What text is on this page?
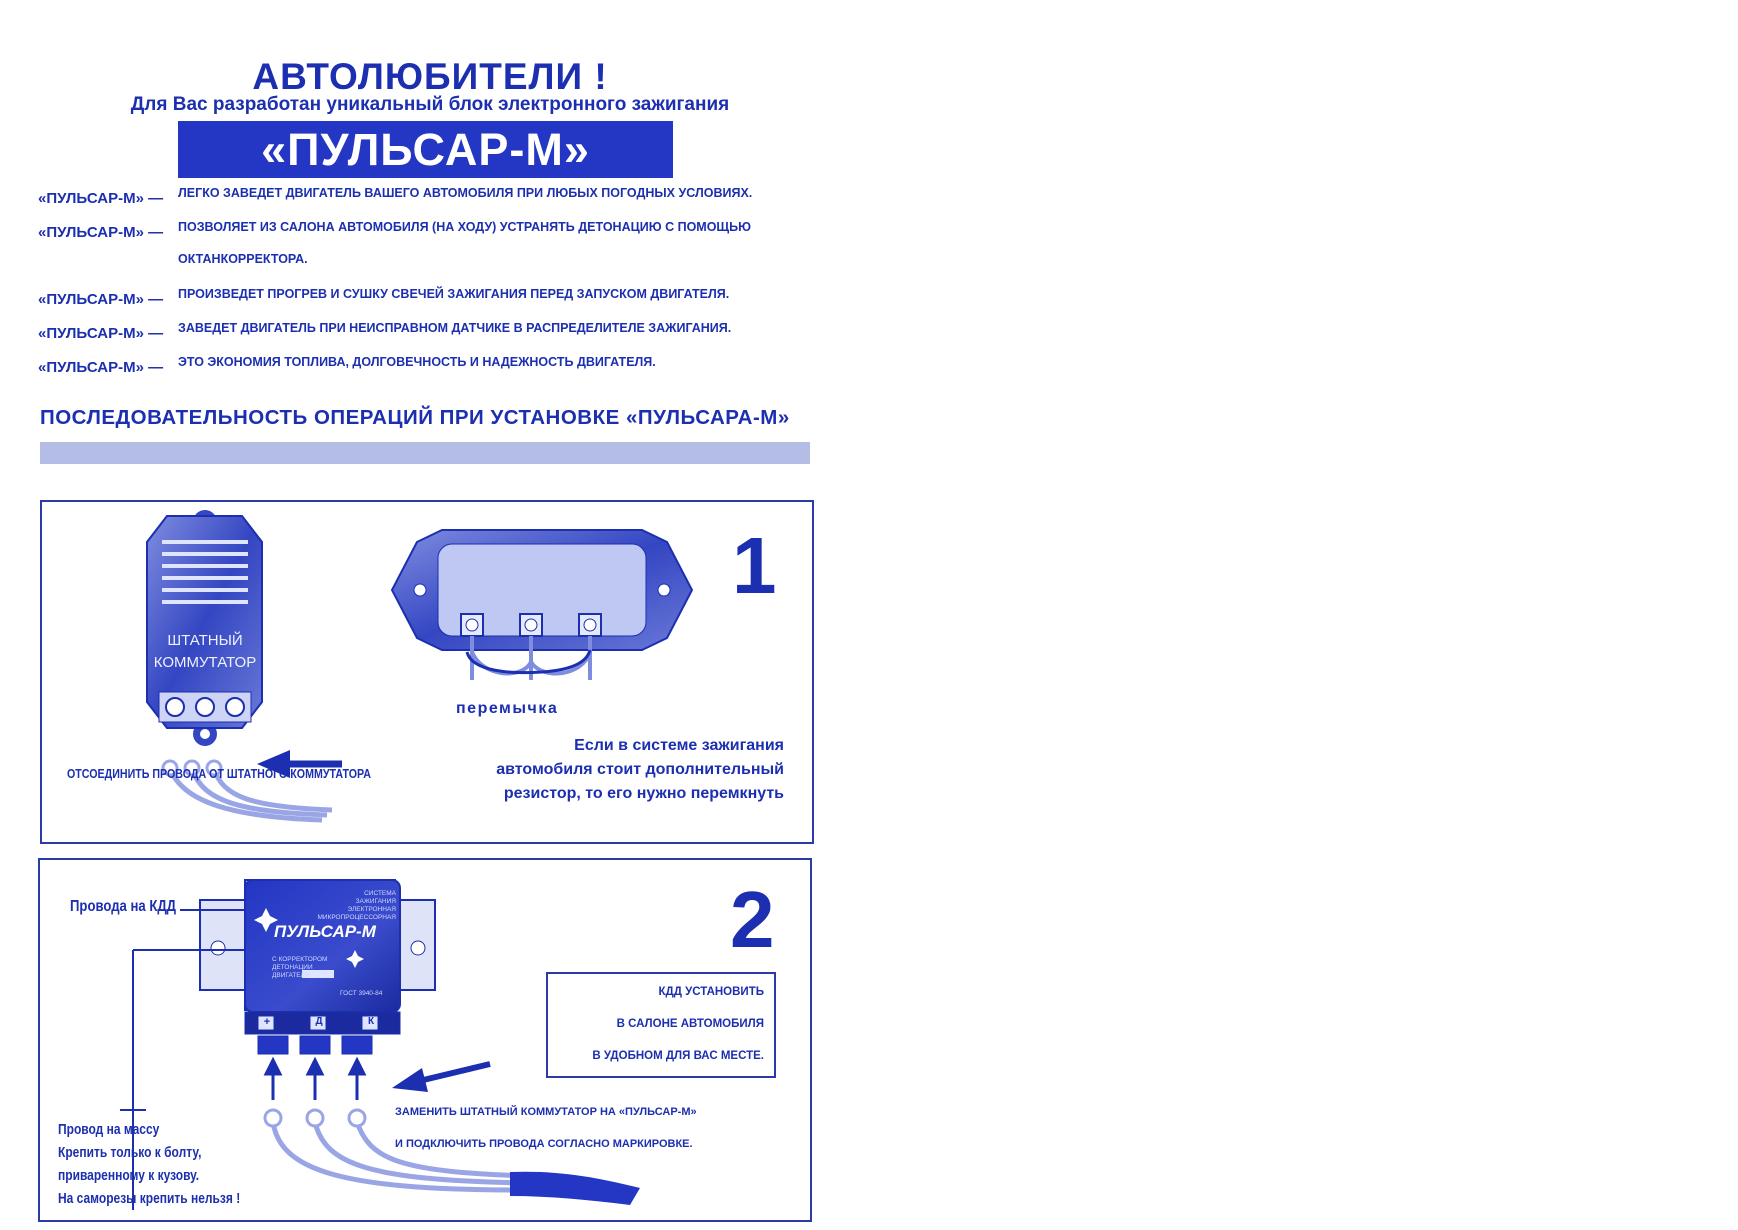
АВТОЛЮБИТЕЛИ !
Для Вас разработан уникальный блок электронного зажигания
«ПУЛЬСАР-М»
«ПУЛЬСАР-М» — ЛЕГКО ЗАВЕДЕТ ДВИГАТЕЛЬ ВАШЕГО АВТОМОБИЛЯ ПРИ ЛЮБЫХ ПОГОДНЫХ УСЛОВИЯХ.
«ПУЛЬСАР-М» — ПОЗВОЛЯЕТ ИЗ САЛОНА АВТОМОБИЛЯ (НА ХОДУ) УСТРАНЯТЬ ДЕТОНАЦИЮ С ПОМОЩЬЮ
ОКТАНКОРРЕКТОРА.
«ПУЛЬСАР-М» — ПРОИЗВЕДЕТ ПРОГРЕВ И СУШКУ СВЕЧЕЙ ЗАЖИГАНИЯ ПЕРЕД ЗАПУСКОМ ДВИГАТЕЛЯ.
«ПУЛЬСАР-М» — ЗАВЕДЕТ ДВИГАТЕЛЬ ПРИ НЕИСПРАВНОМ ДАТЧИКЕ В РАСПРЕДЕЛИТЕЛЕ ЗАЖИГАНИЯ.
«ПУЛЬСАР-М» — ЭТО ЭКОНОМИЯ ТОПЛИВА, ДОЛГОВЕЧНОСТЬ И НАДЕЖНОСТЬ ДВИГАТЕЛЯ.
ПОСЛЕДОВАТЕЛЬНОСТЬ ОПЕРАЦИЙ ПРИ УСТАНОВКЕ «ПУЛЬСАРА-М»
ШТАТНЫЙ
КОММУТАТОР
перемычка
1
ОТСОЕДИНИТЬ ПРОВОДА ОТ ШТАТНОГО КОММУТАТОРА
Если в системе зажигания
автомобиля стоит дополнительный
резистор, то его нужно перемкнуть
СИСТЕМА
ЗАЖИГАНИЯ
ЭЛЕКТРОННАЯ
МИКРОПРОЦЕССОРНАЯ
ПУЛЬСАР-М
С КОРРЕКТОРОМ
ДЕТОНАЦИИ
ДВИГАТЕЛЯ
ГОСТ 3940-84
+	Д	К
Провода на КДД	2
КДД УСТАНОВИТЬ
В САЛОНЕ АВТОМОБИЛЯ
В УДОБНОМ ДЛЯ ВАС МЕСТЕ.
ЗАМЕНИТЬ ШТАТНЫЙ КОММУТАТОР НА «ПУЛЬСАР-М»
И ПОДКЛЮЧИТЬ ПРОВОДА СОГЛАСНО МАРКИРОВКЕ.
Провод на массу
Крепить только к болту,
приваренному к кузову.
На саморезы крепить нельзя !
